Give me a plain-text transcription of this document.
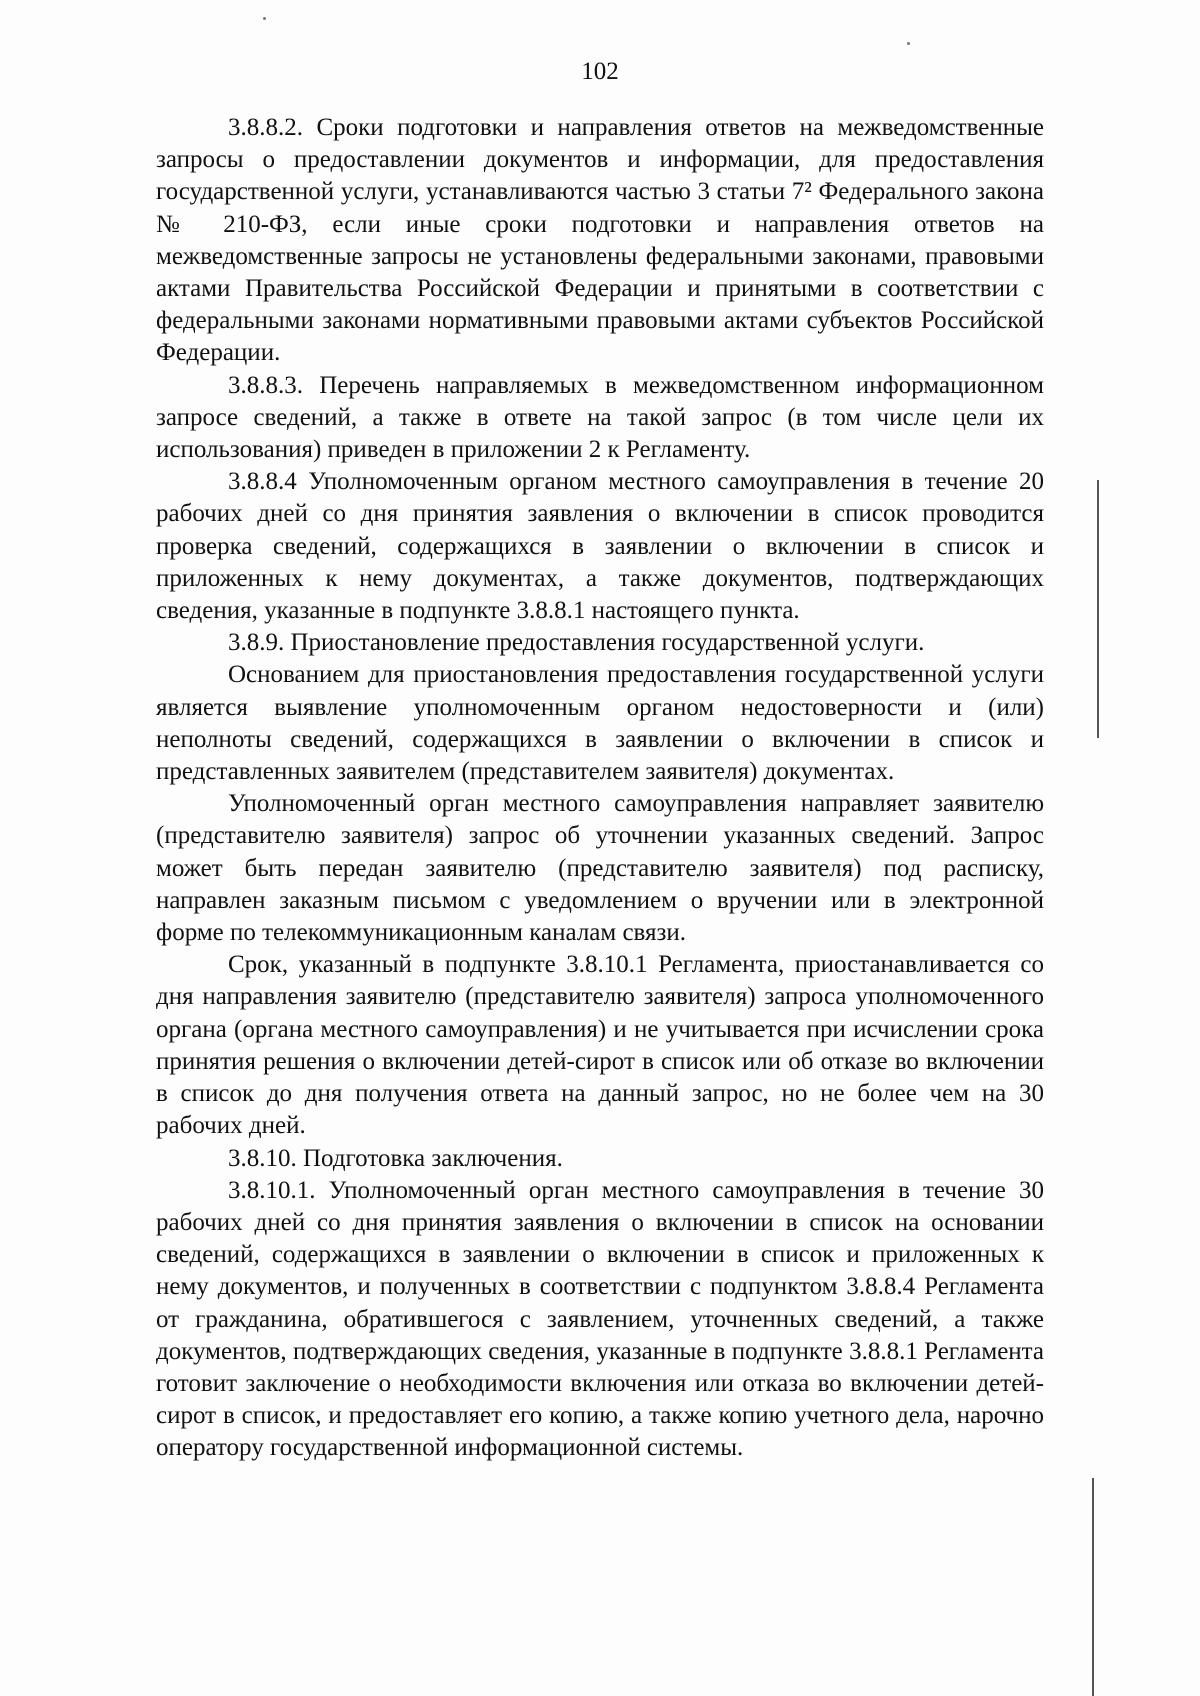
102

3.8.8.2. Сроки подготовки и направления ответов на межведомственные запросы о предоставлении документов и информации, для предоставления государственной услуги, устанавливаются частью 3 статьи 7² Федерального закона № 210-ФЗ, если иные сроки подготовки и направления ответов на межведомственные запросы не установлены федеральными законами, правовыми актами Правительства Российской Федерации и принятыми в соответствии с федеральными законами нормативными правовыми актами субъектов Российской Федерации.

3.8.8.3. Перечень направляемых в межведомственном информационном запросе сведений, а также в ответе на такой запрос (в том числе цели их использования) приведен в приложении 2 к Регламенту.

3.8.8.4 Уполномоченным органом местного самоуправления в течение 20 рабочих дней со дня принятия заявления о включении в список проводится проверка сведений, содержащихся в заявлении о включении в список и приложенных к нему документах, а также документов, подтверждающих сведения, указанные в подпункте 3.8.8.1 настоящего пункта.

3.8.9. Приостановление предоставления государственной услуги.

Основанием для приостановления предоставления государственной услуги является выявление уполномоченным органом недостоверности и (или) неполноты сведений, содержащихся в заявлении о включении в список и представленных заявителем (представителем заявителя) документах.

Уполномоченный орган местного самоуправления направляет заявителю (представителю заявителя) запрос об уточнении указанных сведений. Запрос может быть передан заявителю (представителю заявителя) под расписку, направлен заказным письмом с уведомлением о вручении или в электронной форме по телекоммуникационным каналам связи.

Срок, указанный в подпункте 3.8.10.1 Регламента, приостанавливается со дня направления заявителю (представителю заявителя) запроса уполномоченного органа (органа местного самоуправления) и не учитывается при исчислении срока принятия решения о включении детей-сирот в список или об отказе во включении в список до дня получения ответа на данный запрос, но не более чем на 30 рабочих дней.

3.8.10. Подготовка заключения.

3.8.10.1. Уполномоченный орган местного самоуправления в течение 30 рабочих дней со дня принятия заявления о включении в список на основании сведений, содержащихся в заявлении о включении в список и приложенных к нему документов, и полученных в соответствии с подпунктом 3.8.8.4 Регламента от гражданина, обратившегося с заявлением, уточненных сведений, а также документов, подтверждающих сведения, указанные в подпункте 3.8.8.1 Регламента готовит заключение о необходимости включения или отказа во включении детей-сирот в список, и предоставляет его копию, а также копию учетного дела, нарочно оператору государственной информационной системы.
